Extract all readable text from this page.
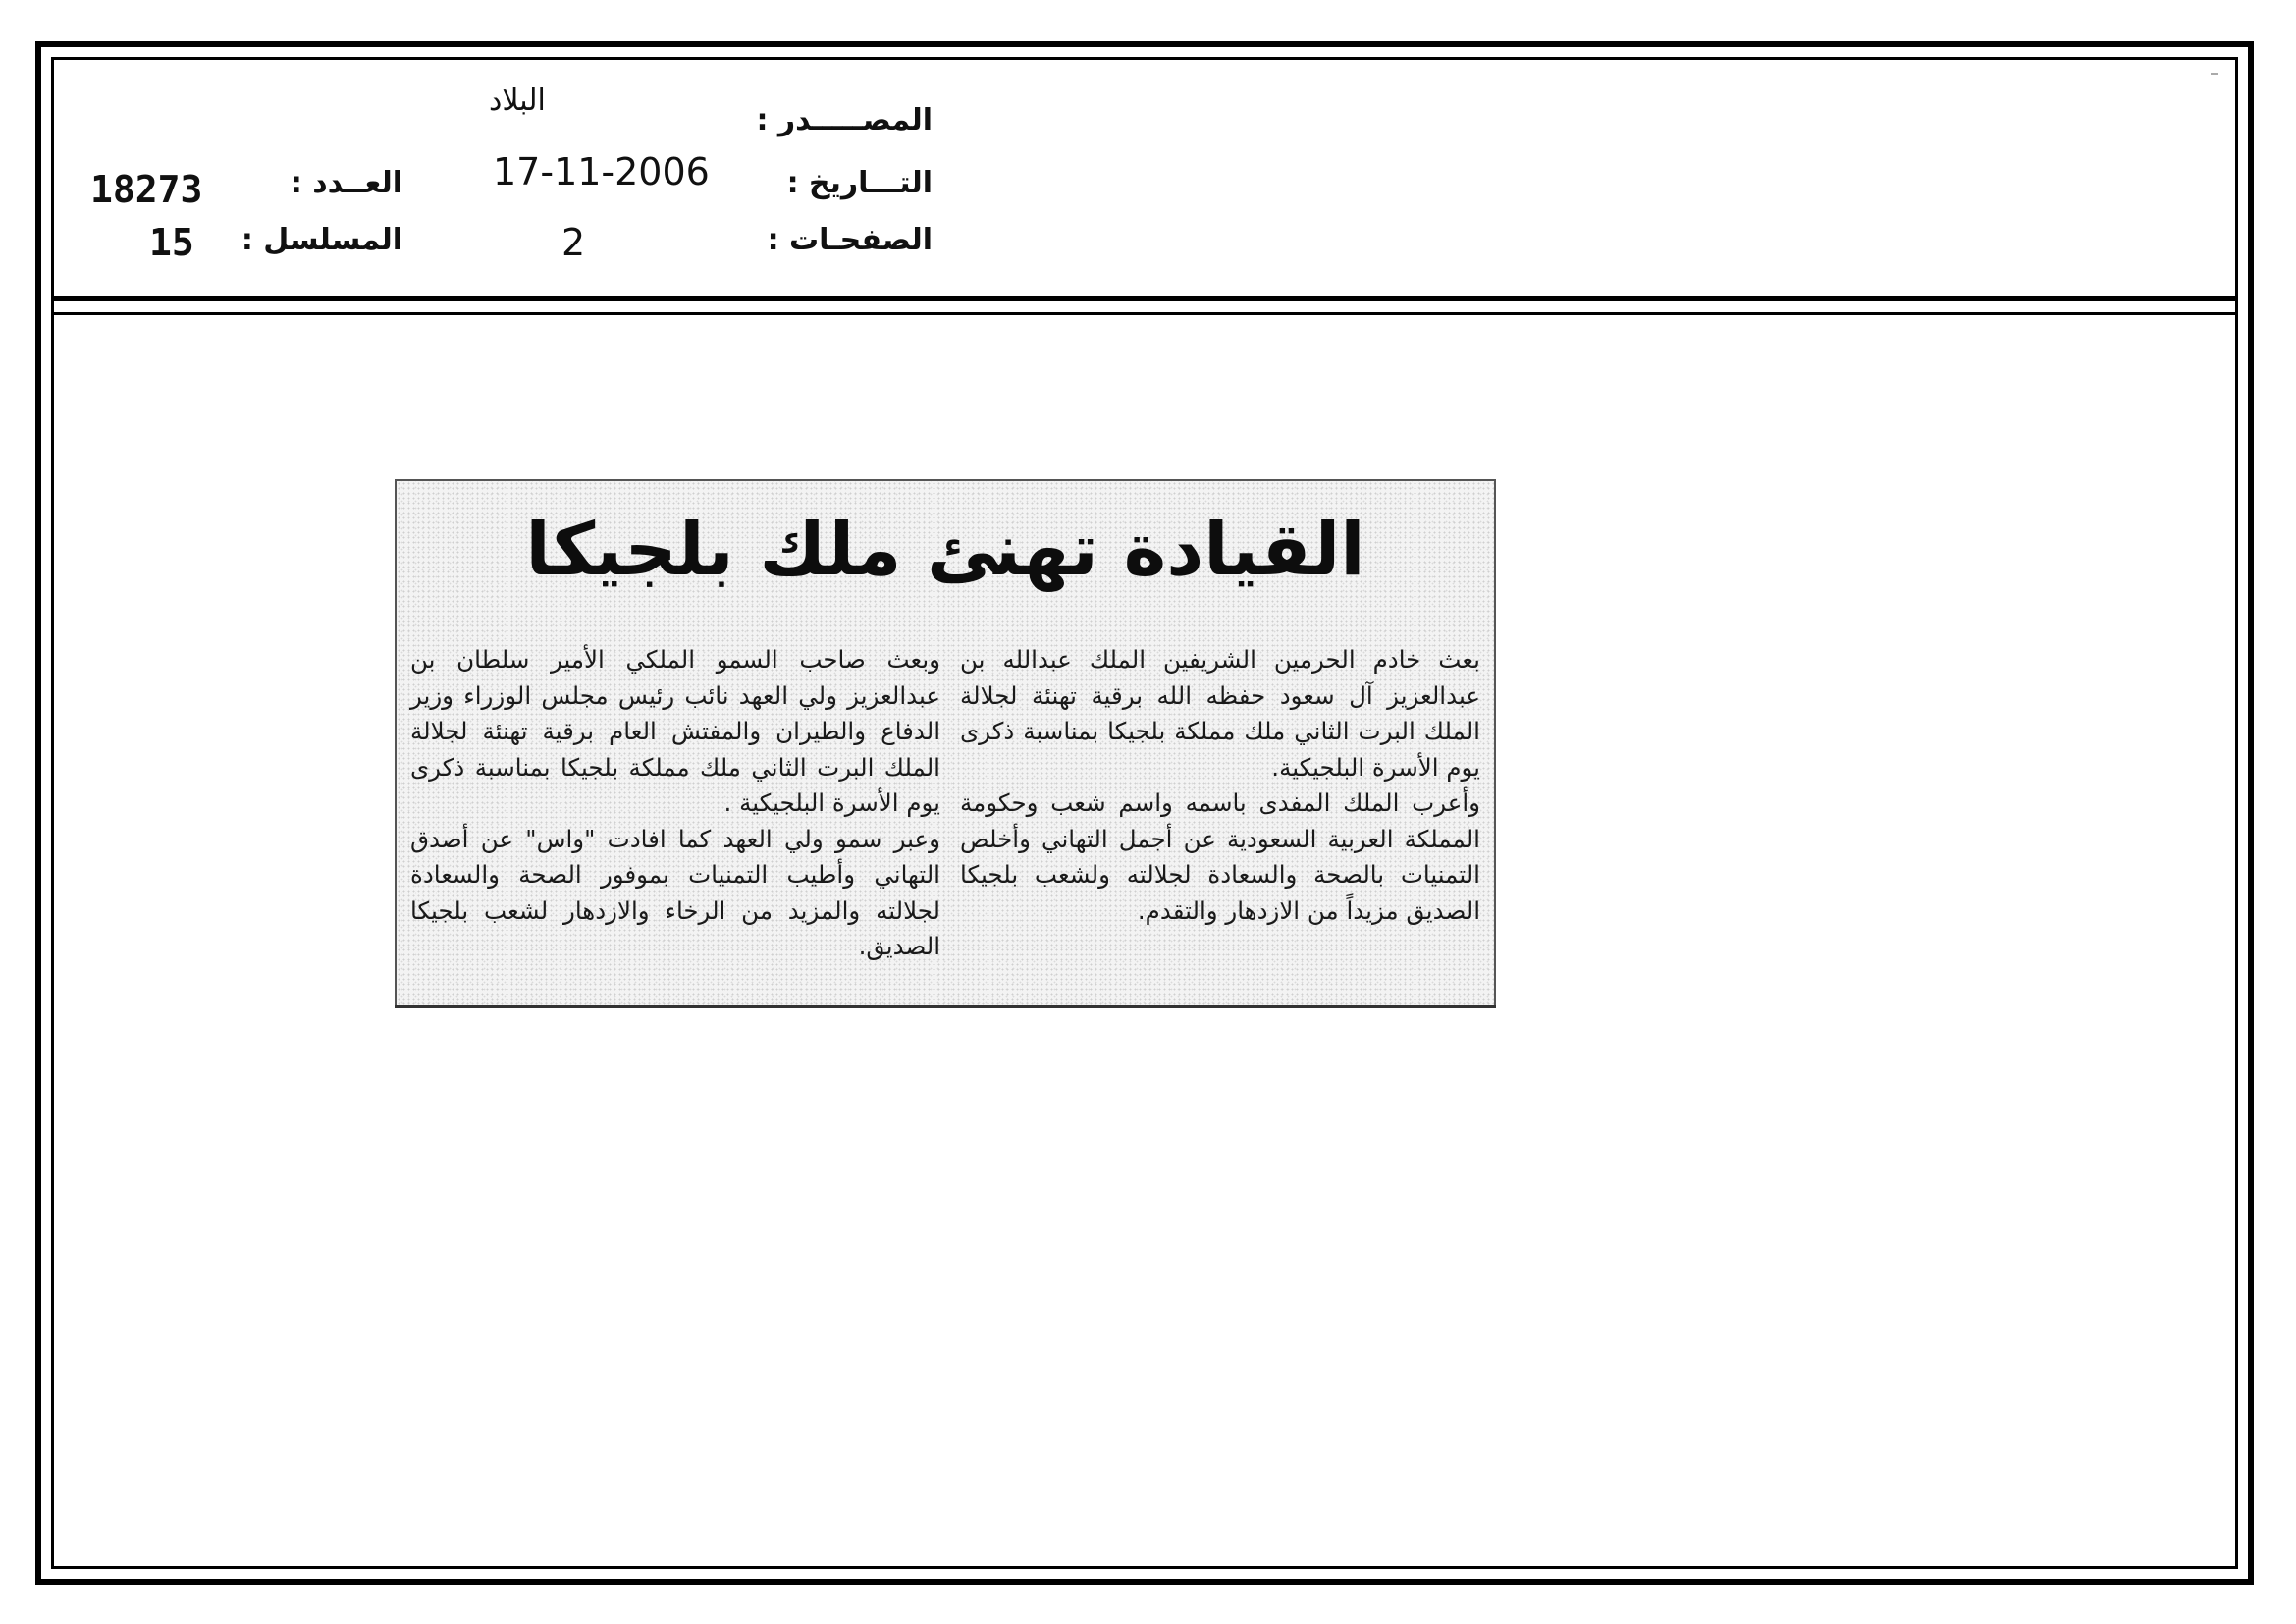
المصـــــدر :
البلاد
التـــاريخ :
17-11-2006
الصفحـات :
2
العــدد :
18273
المسلسل :
15
القيادة تهنئ ملك بلجيكا

بعث خادم الحرمين الشريفين الملك عبدالله بن عبدالعزيز آل سعود حفظه الله برقية تهنئة لجلالة الملك البرت الثاني ملك مملكة بلجيكا بمناسبة ذكرى يوم الأسرة البلجيكية.

وأعرب الملك المفدى باسمه واسم شعب وحكومة المملكة العربية السعودية عن أجمل التهاني وأخلص التمنيات بالصحة والسعادة لجلالته ولشعب بلجيكا الصديق مزيداً من الازدهار والتقدم.

وبعث صاحب السمو الملكي الأمير سلطان بن عبدالعزيز ولي العهد نائب رئيس مجلس الوزراء وزير الدفاع والطيران والمفتش العام برقية تهنئة لجلالة الملك البرت الثاني ملك مملكة بلجيكا بمناسبة ذكرى يوم الأسرة البلجيكية .

وعبر سمو ولي العهد كما افادت "واس" عن أصدق التهاني وأطيب التمنيات بموفور الصحة والسعادة لجلالته والمزيد من الرخاء والازدهار لشعب بلجيكا الصديق.
